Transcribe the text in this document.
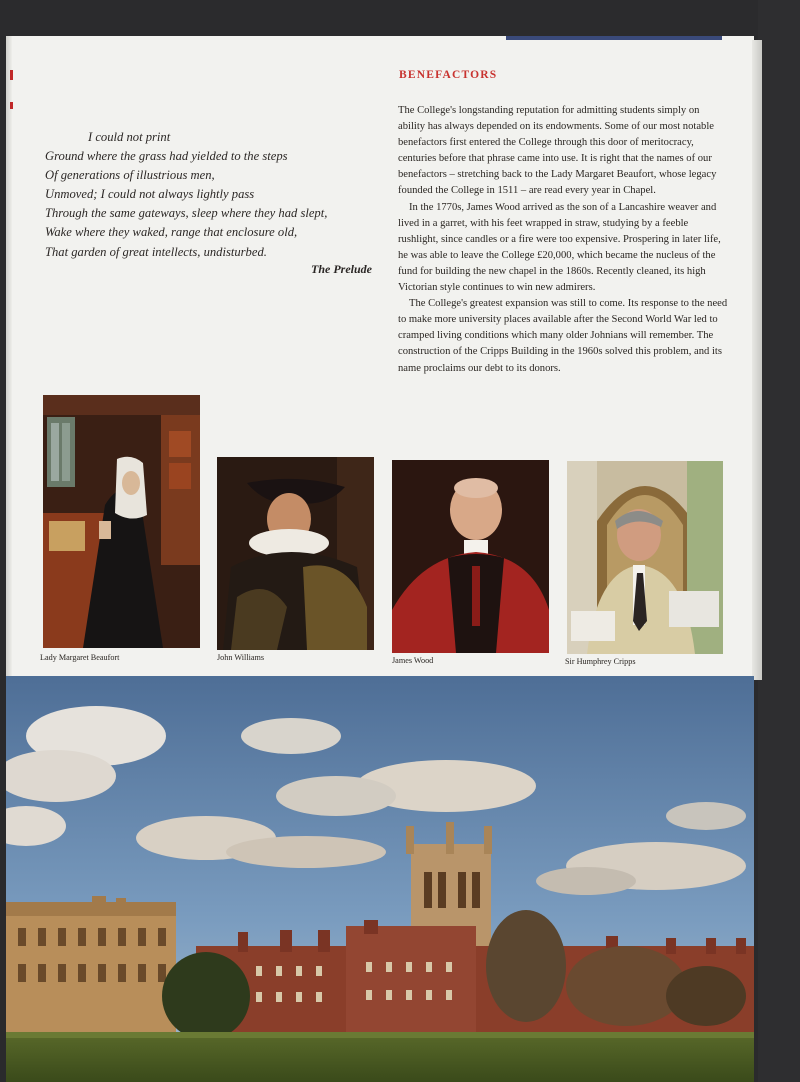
BENEFACTORS

The College's longstanding reputation for admitting students simply on ability has always depended on its endowments. Some of our most notable benefactors first entered the College through this door of meritocracy, centuries before that phrase came into use. It is right that the names of our benefactors – stretching back to the Lady Margaret Beaufort, whose legacy founded the College in 1511 – are read every year in Chapel.

In the 1770s, James Wood arrived as the son of a Lancashire weaver and lived in a garret, with his feet wrapped in straw, studying by a feeble rushlight, since candles or a fire were too expensive. Prospering in later life, he was able to leave the College £20,000, which became the nucleus of the fund for building the new chapel in the 1860s. Recently cleaned, its high Victorian style continues to win new admirers.

The College's greatest expansion was still to come. Its response to the need to make more university places available after the Second World War led to cramped living conditions which many older Johnians will remember. The construction of the Cripps Building in the 1960s solved this problem, and its name proclaims our debt to its donors.

I could not print
Ground where the grass had yielded to the steps
Of generations of illustrious men,
Unmoved; I could not always lightly pass
Through the same gateways, sleep where they had slept,
Wake where they waked, range that enclosure old,
That garden of great intellects, undisturbed.
The Prelude
Lady Margaret Beaufort	John Williams	James Wood	Sir Humphrey Cripps
